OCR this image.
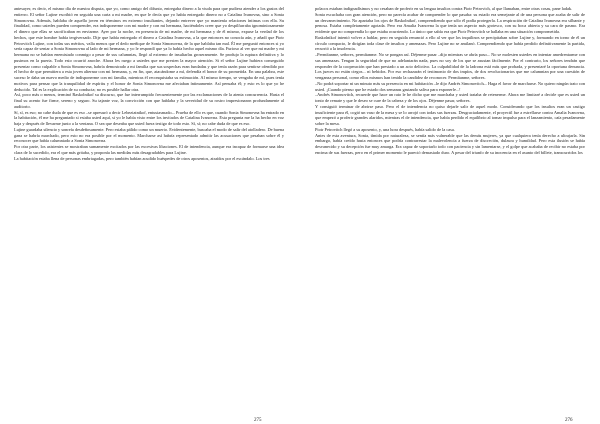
antesayer, es decir, el mismo día de nuestra disputa, que yo, como amigo del difunto, entregaba dinero a la viuda para que pudiera atender a los gastos del entierro. El señor Lujine escribió en seguida una carta a mi madre, en que le decía que yo había entregado dinero no a Catalina Ivanovna, sino a Sonia Simonovna. Además, hablaba de aquella joven en términos en extremo insultantes, dejando entrever que yo mantenía relaciones íntimas con ella. Su finalidad, como ustedes pueden comprender, era indisponerme con mi madre y con mi hermana, haciéndoles creer que yo despilfarraba ignominiosamente el dinero que ellas se sacrificaban en enviarme. Ayer por la noche, en presencia de mi madre, de mi hermana y de él mismo, expuse la verdad de los hechos, que este hombre había tergiversado. Dije que había entregado el dinero a Catalina Ivanovna, a la que entonces no conocía aún, y añadí que Piotr Petrovitch Lujine, con todas sus méritos, valía menos que el dedo meñique de Sonia Simonovna, de la que hablaba tan mal. Él me preguntó entonces si yo sería capaz de sentar a Sonia Simonovna al lado de mi hermana, y yo le respondí que ya lo había hecho aquel mismo día. Furioso al ver que mi madre y mi hermana no se habían enemistado conmigo a pesar de sus calumnias, llegó al extremo de insultarlas groseramente. Se produjo la ruptura definitiva y lo pusimos en la puerta. Todo esto ocurrió anoche. Ahora les ruego a ustedes que me presten la mayor atención. Si el señor Lujine hubiera conseguido presentar como culpable a Sonia Simonovna, habría demostrado a mi familia que sus sospechas eran fundadas y que tenía razón para sentirse ofendido por el hecho de que permitiera a esta joven alternar con mi hermana, y, en fin, que, atacándome a mí, defendía el honor de su prometida. En una palabra, este suceso le daba un nuevo medio de indisponerme con mi familia, mientras él reconquistaba su estimación. Al mismo tiempo, se vengaba de mí, pues tenía motivos para pensar que la tranquilidad de espíritu y el honor de Sonia Simonovna me afectaban íntimamente. Así pensaba él; y esto es lo que yo he deducido. Tal es la explicación de su conducta; no es posible hallar otra.

Así, poco más o menos, terminó Raskolnikof su discurso, que fue interrumpido frecuentemente por las exclamaciones de la atenta concurrencia. Hasta el final su acento fue firme, sereno y seguro. Su tajante voz, la convicción con que hablaba y la severidad de su rostro impresionaron profundamente al auditorio.

Sí, sí, es eso; no cabe duda de que es eso –se apresuró a decir Lebeziatnikof, entusiasmado–. Prueba de ello es que, cuando Sonia Simonovna ha entrado en la habitación, él me ha preguntado si estaba usted aquí, si yo le había visto entre los invitados de Catalina Ivanovna. Esta pregunta me la ha hecho en voz baja y después de llevarme junto a la ventana. O sea que deseaba que usted fuera testigo de todo esto. Sí, sí; no cabe duda de que es eso.

Lujine guardaba silencio y sonreía desdeñosamente. Pero estaba pálido como un muerto. Evidentemente, buscaba el modo de salir del atolladero. De buena gana se habría marchado, pero esto no era posible por el momento. Marcharse así habría representado admitir las acusaciones que pesaban sobre él y reconocer que había calumniado a Sonia Simonovna.

Por otra parte, los asistentes se mostraban sumamente excitados por las excesivas libaciones. El de intendencia, aunque era incapaz de formarse una idea clara de lo sucedido, era el que más gritaba, y proponía las medidas más desagradables para Lujine.

La habitación estaba llena de personas embriagadas, pero también habían acudido huéspedes de otros aposentos, atraídos por el escándalo. Los tres

275

polacos estaban indignadísimos y no cesaban de proferir en su lengua insultos contra Piotr Petrovich, al que llamaban, entre otras cosas, pane ladak.

Sonia escuchaba con gran atención, pero no parecía acabar de comprender lo que pasaba: su estado era semejante al de una persona que acaba de salir de un desvanecimiento. No apartaba los ojos de Raskolnikof, comprendiendo que sólo él podía protegerla. La respiración de Catalina Ivanovna era silbante y penosa. Estaba completamente agotada. Pero era Amalia Ivanovna la que tenía un aspecto más grotesco, con su boca abierta y su cara de pasmo. Era evidente que no comprendía lo que estaba ocurriendo. Lo único que sabía era que Piotr Petrovitch se hallaba en una situación comprometida.

Raskolnikof intentó volver a hablar, pero en seguida renunció a ello al ver que los inquilinos se precipitaban sobre Lujine y, formando en torno de él un círculo compacto, le dirigían toda clase de insultos y amenazas. Pero Lujine no se amilanó. Comprendiendo que había perdido definitivamente la partida, recurrió a la insolencia.

–Permítanme, señores, permítanme. No se pongan así. Déjenme pasar –dijo mientras se abría paso–. No se molesten ustedes en intentar amedrentarme con sus amenazas. Tengan la seguridad de que no adelantarán nada, pues no soy de los que se asustan fácilmente. Por el contrario, los señores tendrán que responder de la cooperación que han prestado a un acto delictivo. La culpabilidad de la ladrona está más que probada, y presentaré la oportuna denuncia. Los jueces no están ciegos... ni bebidos. Por eso rechazarán el testimonio de dos impíos, de dos revolucionarios que me calumnian por una cuestión de venganza personal, como ellos mismos han tenido la candidez de reconocer. Permítanme, señores.

–No podrá soportar ni un minuto más su presencia en mi habitación –le dijo Andrés Simonovitch–. Haga el favor de marcharse. No quiero ningún trato con usted. ¡Cuando pienso que he estado dos semanas gastando saliva para exponerle...!

–Andrés Simonovitch, recuerde que hace un rato le he dicho que me marchaba y usted trataba de retenerme. Ahora me limitaré a decirle que es usted un tonto de remate y que le deseo se cure de la cabeza y de los ojos. Déjenme pasar, señores.

Y consiguió terminar de abrirse paso. Pero el de intendencia no quiso dejarle salir de aquel modo. Considerando que los insultos eran un castigo insuficiente para él, cogió un vaso de la mesa y se lo arrojó con todas sus fuerzas. Desgraciadamente, el proyectil fue a estrellarse contra Amalia Ivanovna, que empezó a proferir grandes alaridos, mientras el de intendencia, que había perdido el equilibrio al tomar impulso para el lanzamiento, caía pesadamente sobre la mesa.

Piotr Petrovitch llegó a su aposento, y, una hora después, había salido de la casa.

Antes de esta aventura, Sonia, tímida por naturaleza, se sentía más vulnerable que las demás mujeres, ya que cualquiera tenía derecho a ultrajarla. Sin embargo, había creído hasta entonces que podría contrarrestar la malevolencia a fuerza de discreción, dulzura y humildad. Pero esta ilusión se había desvanecido y su decepción fue muy amarga. Era capaz de soportarlo todo con paciencia y sin lamentarse, y el golpe que acababa de recibir no estaba por encima de sus fuerzas, pero en el primer momento le pareció demasiado duro. A pesar del triunfo de su inocencia en el asunto del billete, transcurridos los

276
